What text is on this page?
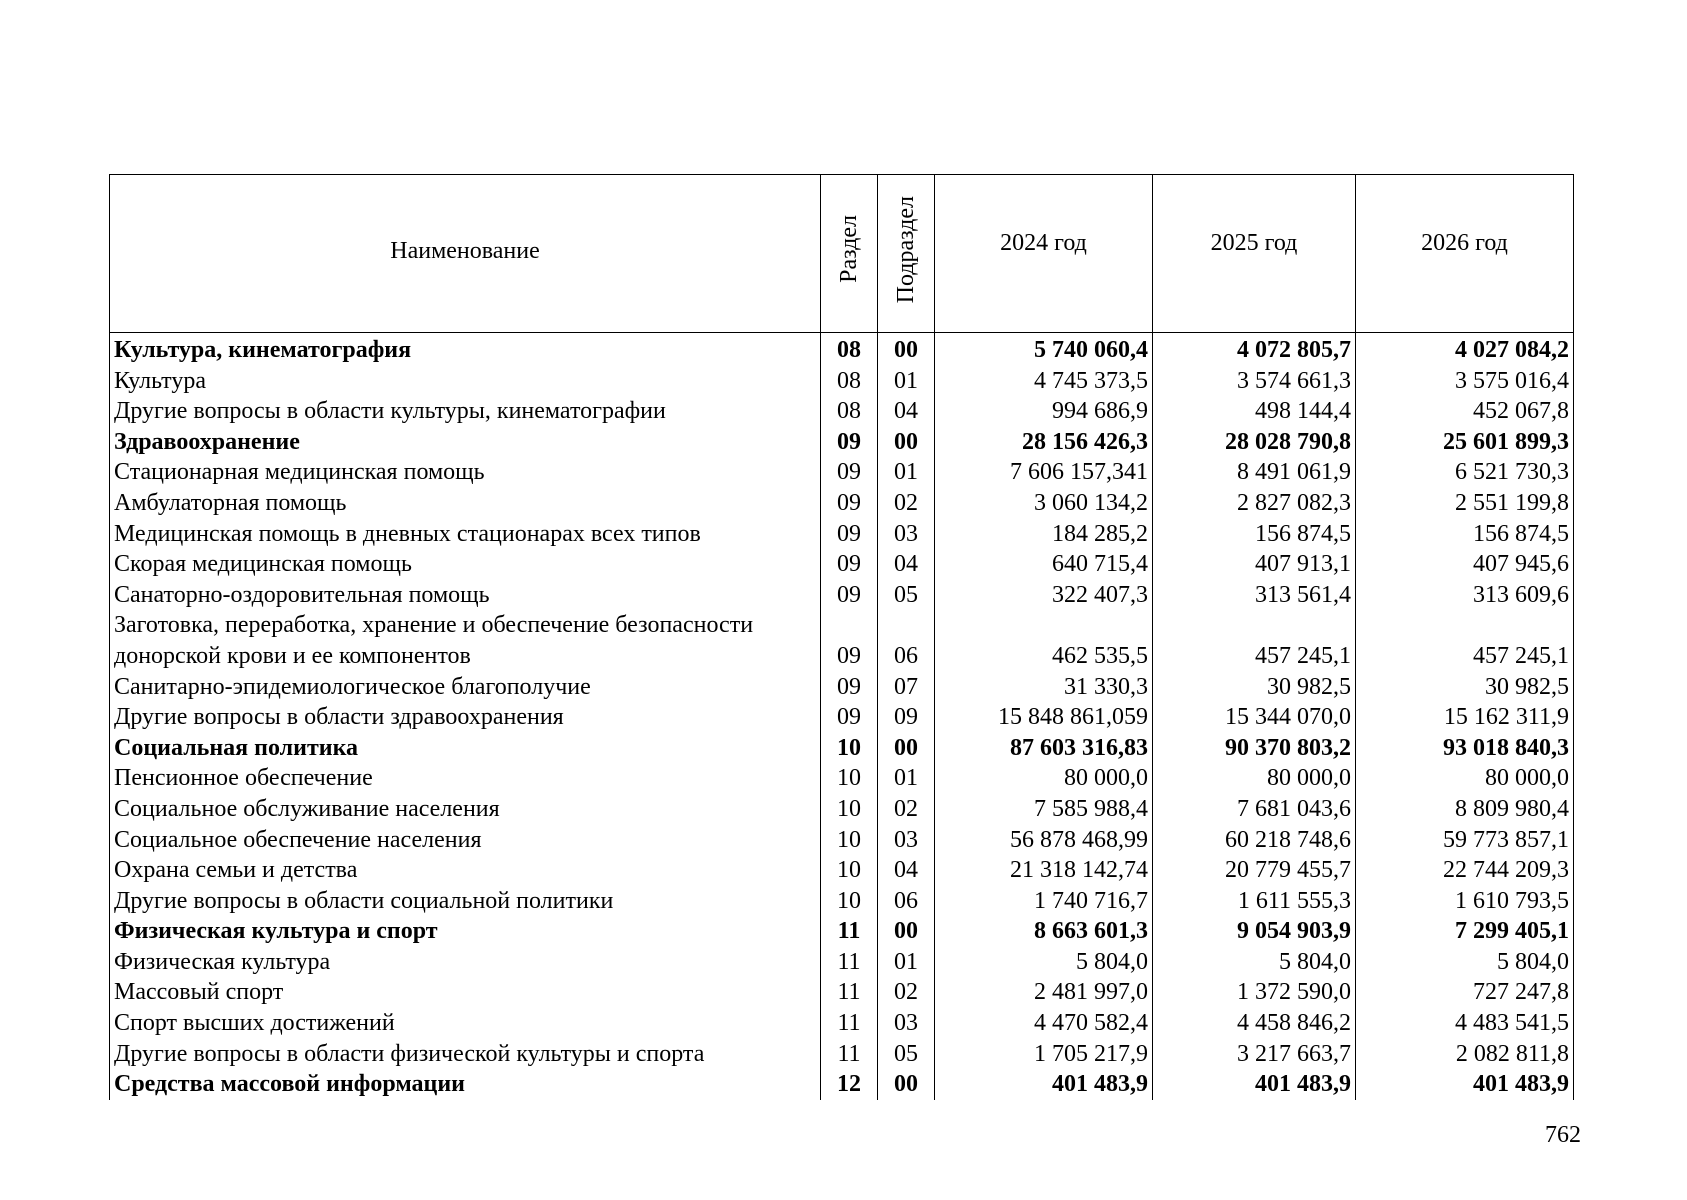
Наименование	Раздел	Подраздел	2024 год	2025 год	2026 год
Культура, кинематография	08	00	5 740 060,4	4 072 805,7	4 027 084,2
Культура	08	01	4 745 373,5	3 574 661,3	3 575 016,4
Другие вопросы в области культуры, кинематографии	08	04	994 686,9	498 144,4	452 067,8
Здравоохранение	09	00	28 156 426,3	28 028 790,8	25 601 899,3
Стационарная медицинская помощь	09	01	7 606 157,341	8 491 061,9	6 521 730,3
Амбулаторная помощь	09	02	3 060 134,2	2 827 082,3	2 551 199,8
Медицинская помощь в дневных стационарах всех типов	09	03	184 285,2	156 874,5	156 874,5
Скорая медицинская помощь	09	04	640 715,4	407 913,1	407 945,6
Санаторно-оздоровительная помощь	09	05	322 407,3	313 561,4	313 609,6
Заготовка, переработка, хранение и обеспечение безопасности донорской крови и ее компонентов	09	06	462 535,5	457 245,1	457 245,1
Санитарно-эпидемиологическое благополучие	09	07	31 330,3	30 982,5	30 982,5
Другие вопросы в области здравоохранения	09	09	15 848 861,059	15 344 070,0	15 162 311,9
Социальная политика	10	00	87 603 316,83	90 370 803,2	93 018 840,3
Пенсионное обеспечение	10	01	80 000,0	80 000,0	80 000,0
Социальное обслуживание населения	10	02	7 585 988,4	7 681 043,6	8 809 980,4
Социальное обеспечение населения	10	03	56 878 468,99	60 218 748,6	59 773 857,1
Охрана семьи и детства	10	04	21 318 142,74	20 779 455,7	22 744 209,3
Другие вопросы в области социальной политики	10	06	1 740 716,7	1 611 555,3	1 610 793,5
Физическая культура и спорт	11	00	8 663 601,3	9 054 903,9	7 299 405,1
Физическая культура	11	01	5 804,0	5 804,0	5 804,0
Массовый спорт	11	02	2 481 997,0	1 372 590,0	727 247,8
Спорт высших достижений	11	03	4 470 582,4	4 458 846,2	4 483 541,5
Другие вопросы в области физической культуры и спорта	11	05	1 705 217,9	3 217 663,7	2 082 811,8
Средства массовой информации	12	00	401 483,9	401 483,9	401 483,9
762
